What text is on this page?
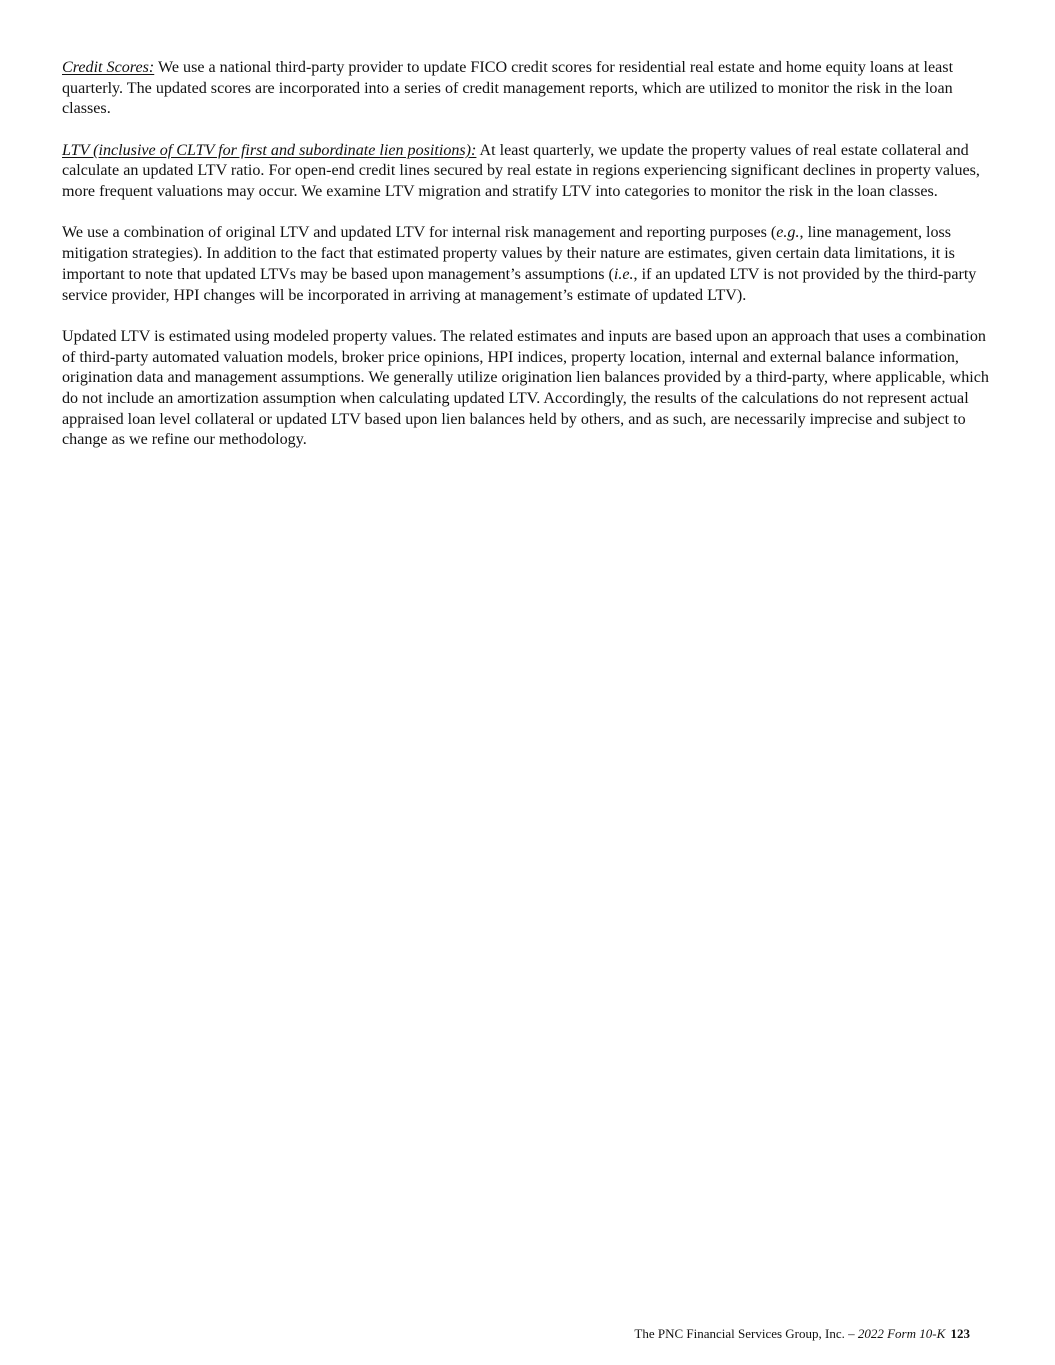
Credit Scores: We use a national third-party provider to update FICO credit scores for residential real estate and home equity loans at least quarterly. The updated scores are incorporated into a series of credit management reports, which are utilized to monitor the risk in the loan classes.

LTV (inclusive of CLTV for first and subordinate lien positions): At least quarterly, we update the property values of real estate collateral and calculate an updated LTV ratio. For open-end credit lines secured by real estate in regions experiencing significant declines in property values, more frequent valuations may occur. We examine LTV migration and stratify LTV into categories to monitor the risk in the loan classes.

We use a combination of original LTV and updated LTV for internal risk management and reporting purposes (e.g., line management, loss mitigation strategies). In addition to the fact that estimated property values by their nature are estimates, given certain data limitations, it is important to note that updated LTVs may be based upon management’s assumptions (i.e., if an updated LTV is not provided by the third-party service provider, HPI changes will be incorporated in arriving at management’s estimate of updated LTV).

Updated LTV is estimated using modeled property values. The related estimates and inputs are based upon an approach that uses a combination of third-party automated valuation models, broker price opinions, HPI indices, property location, internal and external balance information, origination data and management assumptions. We generally utilize origination lien balances provided by a third-party, where applicable, which do not include an amortization assumption when calculating updated LTV. Accordingly, the results of the calculations do not represent actual appraised loan level collateral or updated LTV based upon lien balances held by others, and as such, are necessarily imprecise and subject to change as we refine our methodology.

The PNC Financial Services Group, Inc. – 2022 Form 10-K 123
